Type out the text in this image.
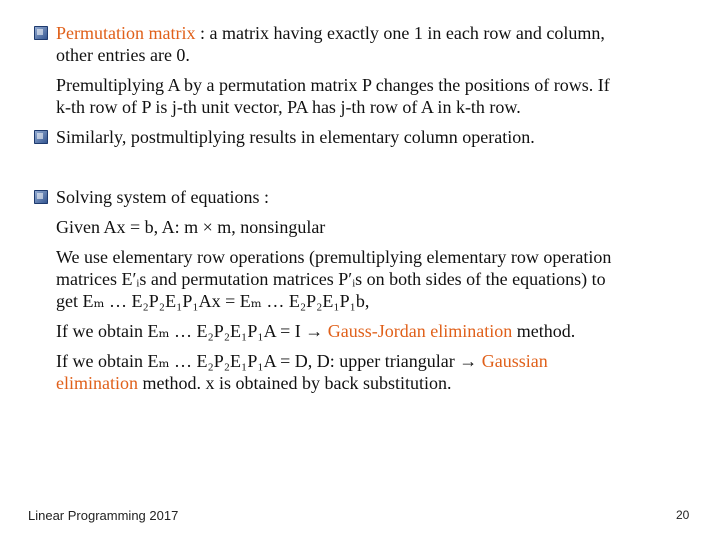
Permutation matrix : a matrix having exactly one 1 in each row and column,
other entries are 0.
Premultiplying A by a permutation matrix P changes the positions of rows. If
k-th row of P is j-th unit vector, PA has j-th row of A in k-th row.
Similarly, postmultiplying results in elementary column operation.
Solving system of equations :
Given Ax = b, A: m × m, nonsingular
We use elementary row operations (premultiplying elementary row operation
matrices E′ᵢs and permutation matrices P′ᵢs on both sides of the equations) to
get Eₘ … E₂P₂E₁P₁Ax = Eₘ … E₂P₂E₁P₁b,
If we obtain Eₘ … E₂P₂E₁P₁A = I → Gauss-Jordan elimination method.
If we obtain Eₘ … E₂P₂E₁P₁A = D, D: upper triangular → Gaussian
elimination method. x is obtained by back substitution.
Linear Programming 2017	20
